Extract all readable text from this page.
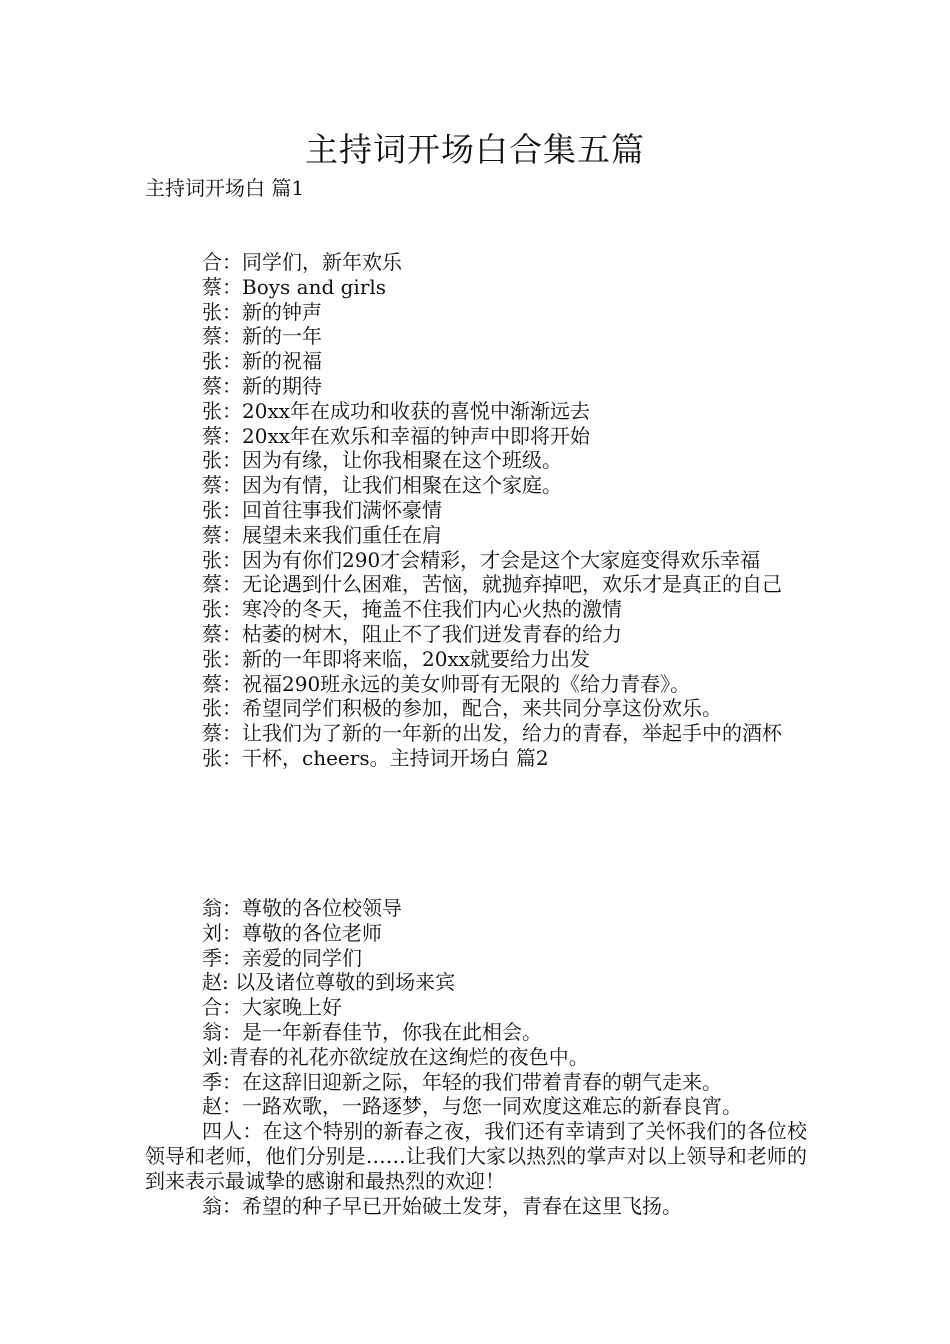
主持词开场白合集五篇
主持词开场白 篇1

合：同学们，新年欢乐

蔡：Boys and girls

张：新的钟声

蔡：新的一年

张：新的祝福

蔡：新的期待

张：20xx年在成功和收获的喜悦中渐渐远去

蔡：20xx年在欢乐和幸福的钟声中即将开始

张：因为有缘，让你我相聚在这个班级。

蔡：因为有情，让我们相聚在这个家庭。

张：回首往事我们满怀豪情

蔡：展望未来我们重任在肩

张：因为有你们290才会精彩，才会是这个大家庭变得欢乐幸福

蔡：无论遇到什么困难，苦恼，就抛弃掉吧，欢乐才是真正的自己

张：寒冷的冬天，掩盖不住我们内心火热的激情

蔡：枯萎的树木，阻止不了我们迸发青春的给力

张：新的一年即将来临，20xx就要给力出发

蔡：祝福290班永远的美女帅哥有无限的《给力青春》。

张：希望同学们积极的参加，配合，来共同分享这份欢乐。

蔡：让我们为了新的一年新的出发，给力的青春，举起手中的酒杯

张：干杯，cheers。主持词开场白 篇2

翁：尊敬的各位校领导

刘：尊敬的各位老师

季：亲爱的同学们

赵: 以及诸位尊敬的到场来宾

合：大家晚上好

翁：是一年新春佳节，你我在此相会。

刘:青春的礼花亦欲绽放在这绚烂的夜色中。

季：在这辞旧迎新之际，年轻的我们带着青春的朝气走来。

赵：一路欢歌，一路逐梦，与您一同欢度这难忘的新春良宵。

四人：在这个特别的新春之夜，我们还有幸请到了关怀我们的各位校领导和老师，他们分别是……让我们大家以热烈的掌声对以上领导和老师的到来表示最诚挚的感谢和最热烈的欢迎！

翁：希望的种子早已开始破土发芽，青春在这里飞扬。
